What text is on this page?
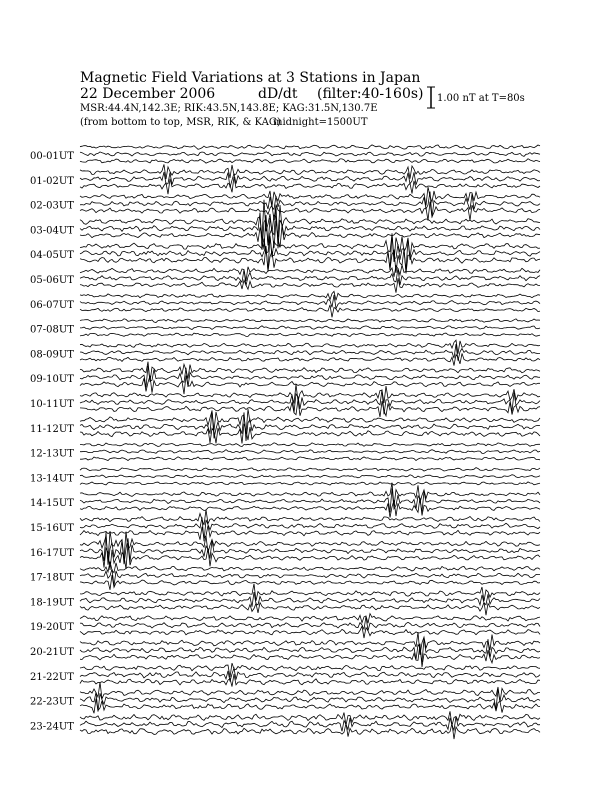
Magnetic Field Variations at 3 Stations in Japan
22 December 2006	dD/dt (filter:40-160s)
MSR:44.4N,142.3E; RIK:43.5N,143.8E; KAG:31.5N,130.7E
(from bottom to top, MSR, RIK, & KAG)
midnight=1500UT
1.00 nT at T=80s
00-01UT
01-02UT
02-03UT
03-04UT
04-05UT
05-06UT
06-07UT
07-08UT
08-09UT
09-10UT
10-11UT
11-12UT
12-13UT
13-14UT
14-15UT
15-16UT
16-17UT
17-18UT
18-19UT
19-20UT
20-21UT
21-22UT
22-23UT
23-24UT
